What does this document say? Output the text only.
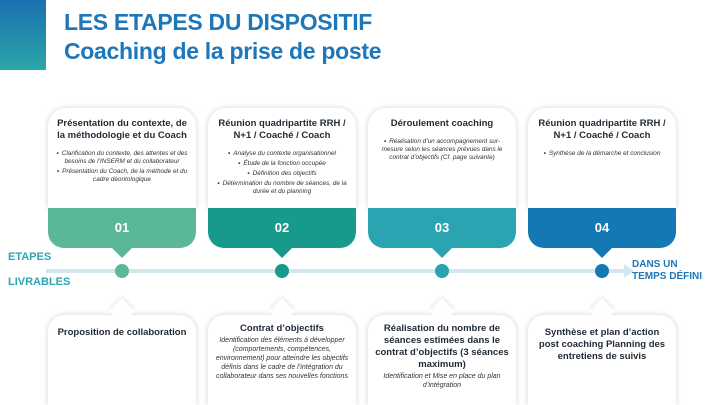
LES ETAPES DU DISPOSITIF
Coaching de la prise de poste
Présentation du contexte, de la méthodologie et du Coach
▪ Clarification du contexte, des attentes et des besoins de l’INSERM et du collaborateur
▪ Présentation du Coach, de la méthode et du cadre déontologique
01
Réunion quadripartite RRH / N+1 / Coaché / Coach
▪ Analyse du contexte organisationnel
▪ Étude de la fonction occupée
▪ Définition des objectifs
▪ Détermination du nombre de séances, de la durée et du planning
02
Déroulement coaching
▪ Réalisation d’un accompagnement sur-mesure selon les séances prévues dans le contrat d’objectifs (Cf. page suivante)
03
Réunion quadripartite RRH / N+1 / Coaché / Coach
▪ Synthèse de la démarche et conclusion
04
ETAPES
LIVRABLES
DANS UN
TEMPS DÉFINI
Proposition de collaboration	Contrat d’objectifs
Identification des éléments à développer (comportements, compétences, environnement) pour atteindre les objectifs définis dans le cadre de l’intégration du collaborateur dans ses nouvelles fonctions
Réalisation du nombre de séances estimées dans le contrat d’objectifs (3 séances maximum)
Identification et Mise en place du plan d’intégration
Synthèse et plan d’action post coaching Planning des entretiens de suivis
